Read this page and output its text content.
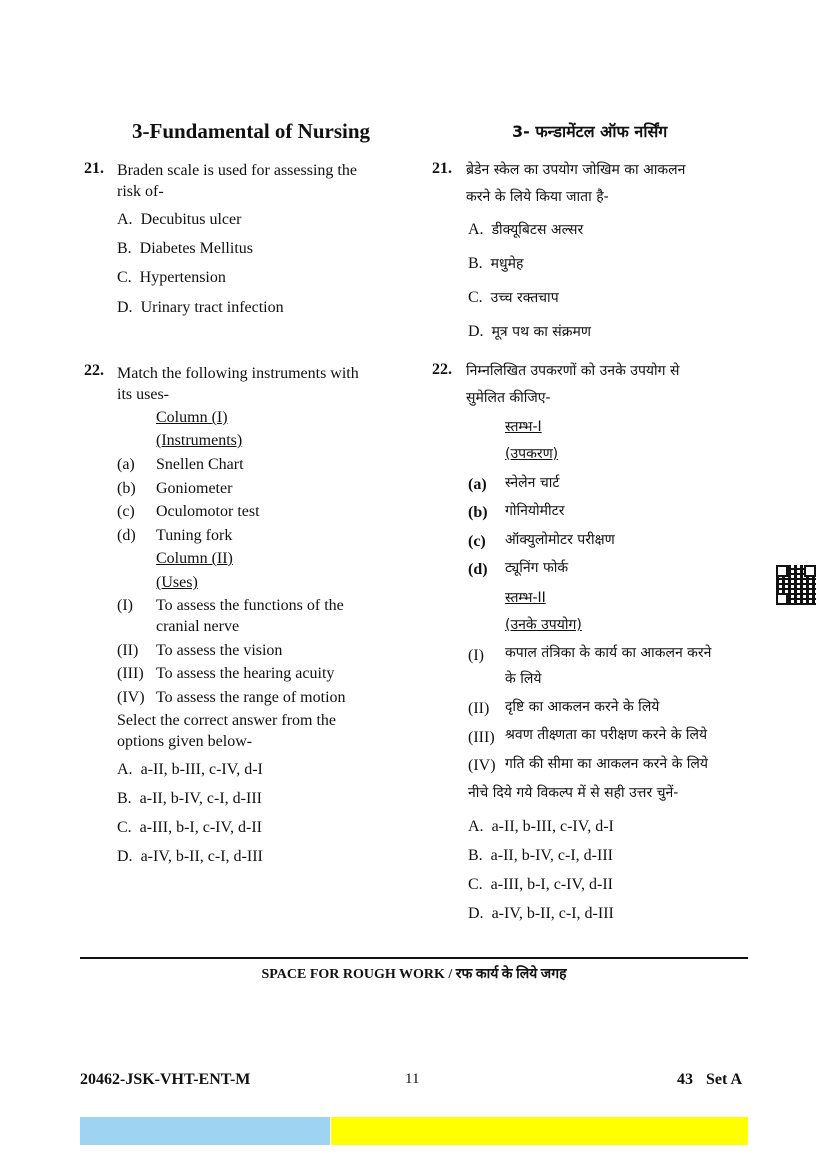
3-Fundamental of Nursing	3- फन्डामेंटल ऑफ नर्सिंग
21. Braden scale is used for assessing the
risk of-
A. Decubitus ulcer
B. Diabetes Mellitus
C. Hypertension
D. Urinary tract infection
21. ब्रेडेन स्केल का उपयोग जोखिम का आकलन
करने के लिये किया जाता है-
A. डीक्यूबिटस अल्सर
B. मधुमेह
C. उच्च रक्तचाप
D. मूत्र पथ का संक्रमण
22. Match the following instruments with
its uses-
Column (I)
(Instruments)
(a) Snellen Chart
(b) Goniometer
(c) Oculomotor test
(d) Tuning fork
Column (II)
(Uses)
(I) To assess the functions of the
cranial nerve
(II) To assess the vision
(III) To assess the hearing acuity
(IV) To assess the range of motion
Select the correct answer from the
options given below-
A. a-II, b-III, c-IV, d-I
B. a-II, b-IV, c-I, d-III
C. a-III, b-I, c-IV, d-II
D. a-IV, b-II, c-I, d-III
22. निम्नलिखित उपकरणों को उनके उपयोग से
सुमेलित कीजिए-
स्तम्भ-I
(उपकरण)
(a) स्नेलेन चार्ट
(b) गोनियोमीटर
(c) ऑक्युलोमोटर परीक्षण
(d) ट्यूनिंग फोर्क
स्तम्भ-II
(उनके उपयोग)
(I) कपाल तंत्रिका के कार्य का आकलन करने
के लिये
(II) दृष्टि का आकलन करने के लिये
(III) श्रवण तीक्ष्णता का परीक्षण करने के लिये
(IV) गति की सीमा का आकलन करने के लिये
नीचे दिये गये विकल्प में से सही उत्तर चुनें-
A. a-II, b-III, c-IV, d-I
B. a-II, b-IV, c-I, d-III
C. a-III, b-I, c-IV, d-II
D. a-IV, b-II, c-I, d-III
SPACE FOR ROUGH WORK / रफ कार्य के लिये जगह
20462-JSK-VHT-ENT-M	11	43 Set A
